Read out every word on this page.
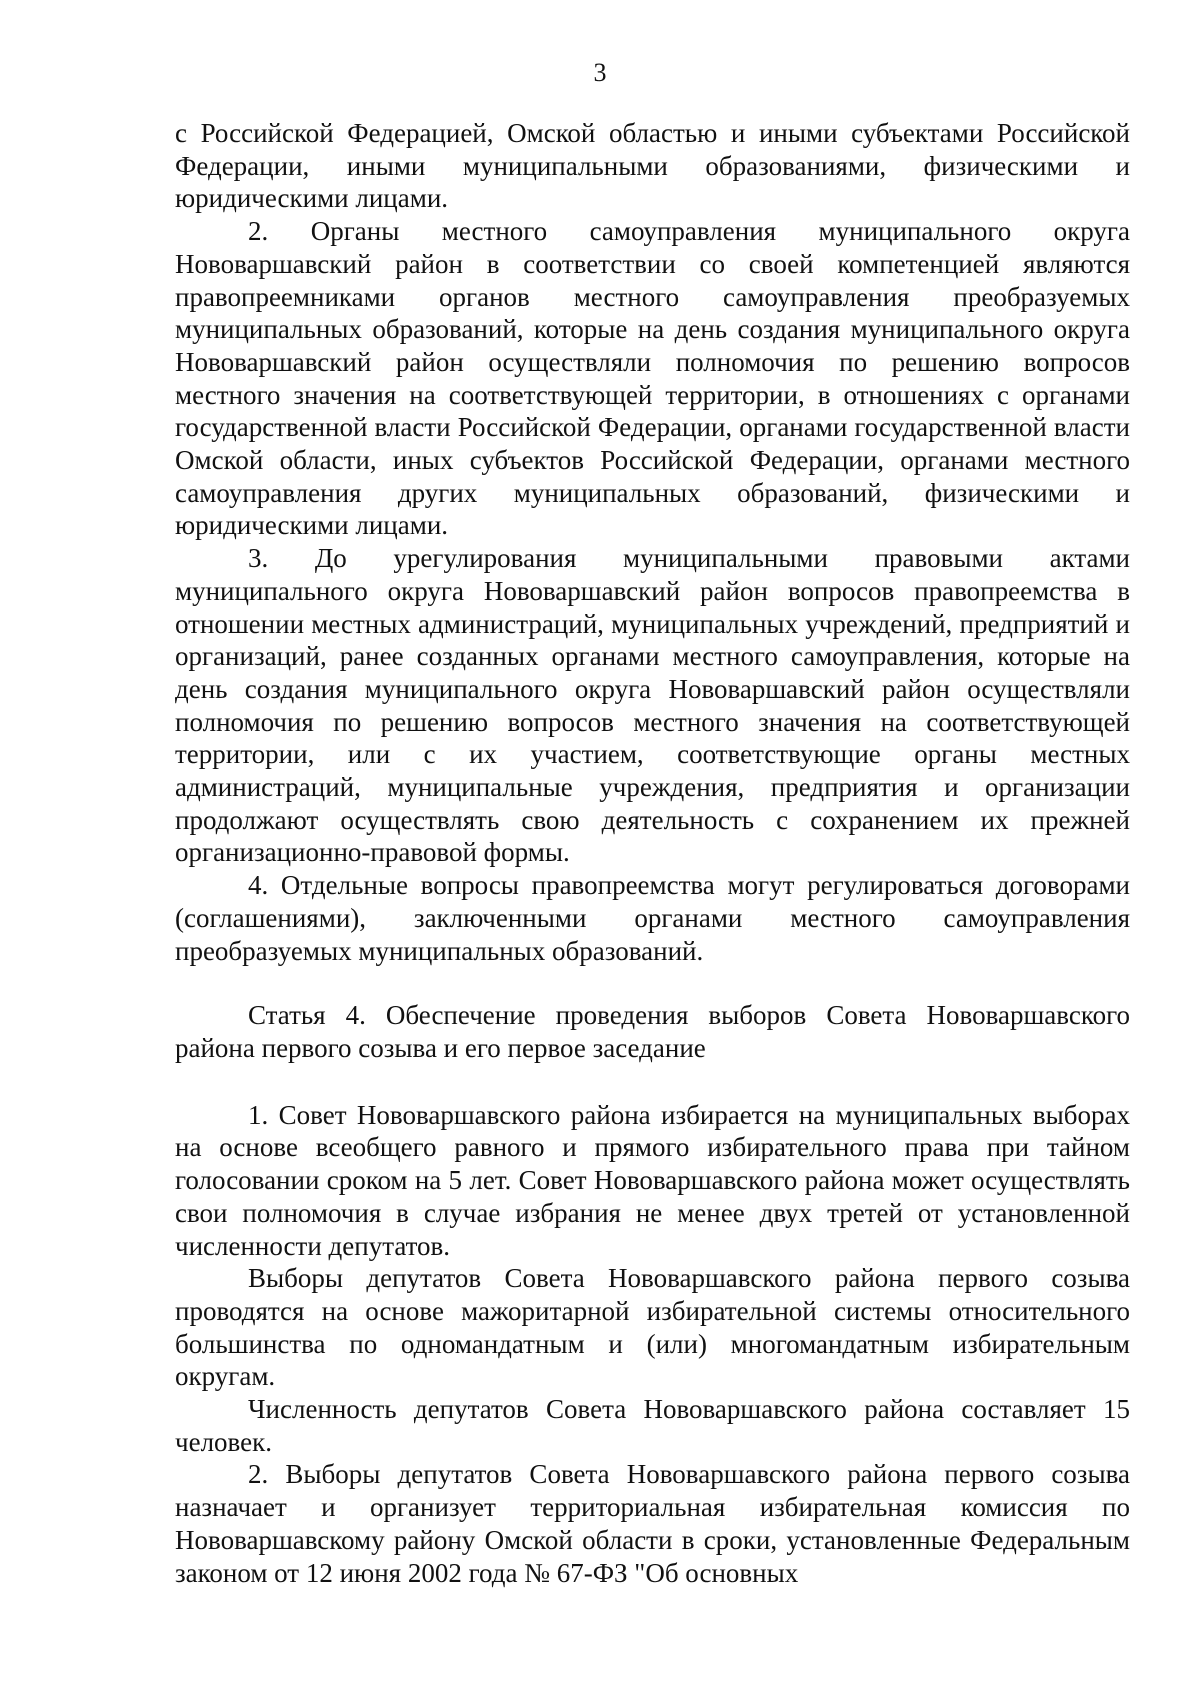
3

с Российской Федерацией, Омской областью и иными субъектами Российской Федерации, иными муниципальными образованиями, физическими и юридическими лицами.

2. Органы местного самоуправления муниципального округа Нововаршавский район в соответствии со своей компетенцией являются правопреемниками органов местного самоуправления преобразуемых муниципальных образований, которые на день создания муниципального округа Нововаршавский район осуществляли полномочия по решению вопросов местного значения на соответствующей территории, в отношениях с органами государственной власти Российской Федерации, органами государственной власти Омской области, иных субъектов Российской Федерации, органами местного самоуправления других муниципальных образований, физическими и юридическими лицами.

3. До урегулирования муниципальными правовыми актами муниципального округа Нововаршавский район вопросов правопреемства в отношении местных администраций, муниципальных учреждений, предприятий и организаций, ранее созданных органами местного самоуправления, которые на день создания муниципального округа Нововаршавский район осуществляли полномочия по решению вопросов местного значения на соответствующей территории, или с их участием, соответствующие органы местных администраций, муниципальные учреждения, предприятия и организации продолжают осуществлять свою деятельность с сохранением их прежней организационно-правовой формы.

4. Отдельные вопросы правопреемства могут регулироваться договорами (соглашениями), заключенными органами местного самоуправления преобразуемых муниципальных образований.

Статья 4. Обеспечение проведения выборов Совета Нововаршавского района первого созыва и его первое заседание

1. Совет Нововаршавского района избирается на муниципальных выборах на основе всеобщего равного и прямого избирательного права при тайном голосовании сроком на 5 лет. Совет Нововаршавского района может осуществлять свои полномочия в случае избрания не менее двух третей от установленной численности депутатов.

Выборы депутатов Совета Нововаршавского района первого созыва проводятся на основе мажоритарной избирательной системы относительного большинства по одномандатным и (или) многомандатным избирательным округам.

Численность депутатов Совета Нововаршавского района составляет 15 человек.

2. Выборы депутатов Совета Нововаршавского района первого созыва назначает и организует территориальная избирательная комиссия по Нововаршавскому району Омской области в сроки, установленные Федеральным законом от 12 июня 2002 года № 67-ФЗ "Об основных
